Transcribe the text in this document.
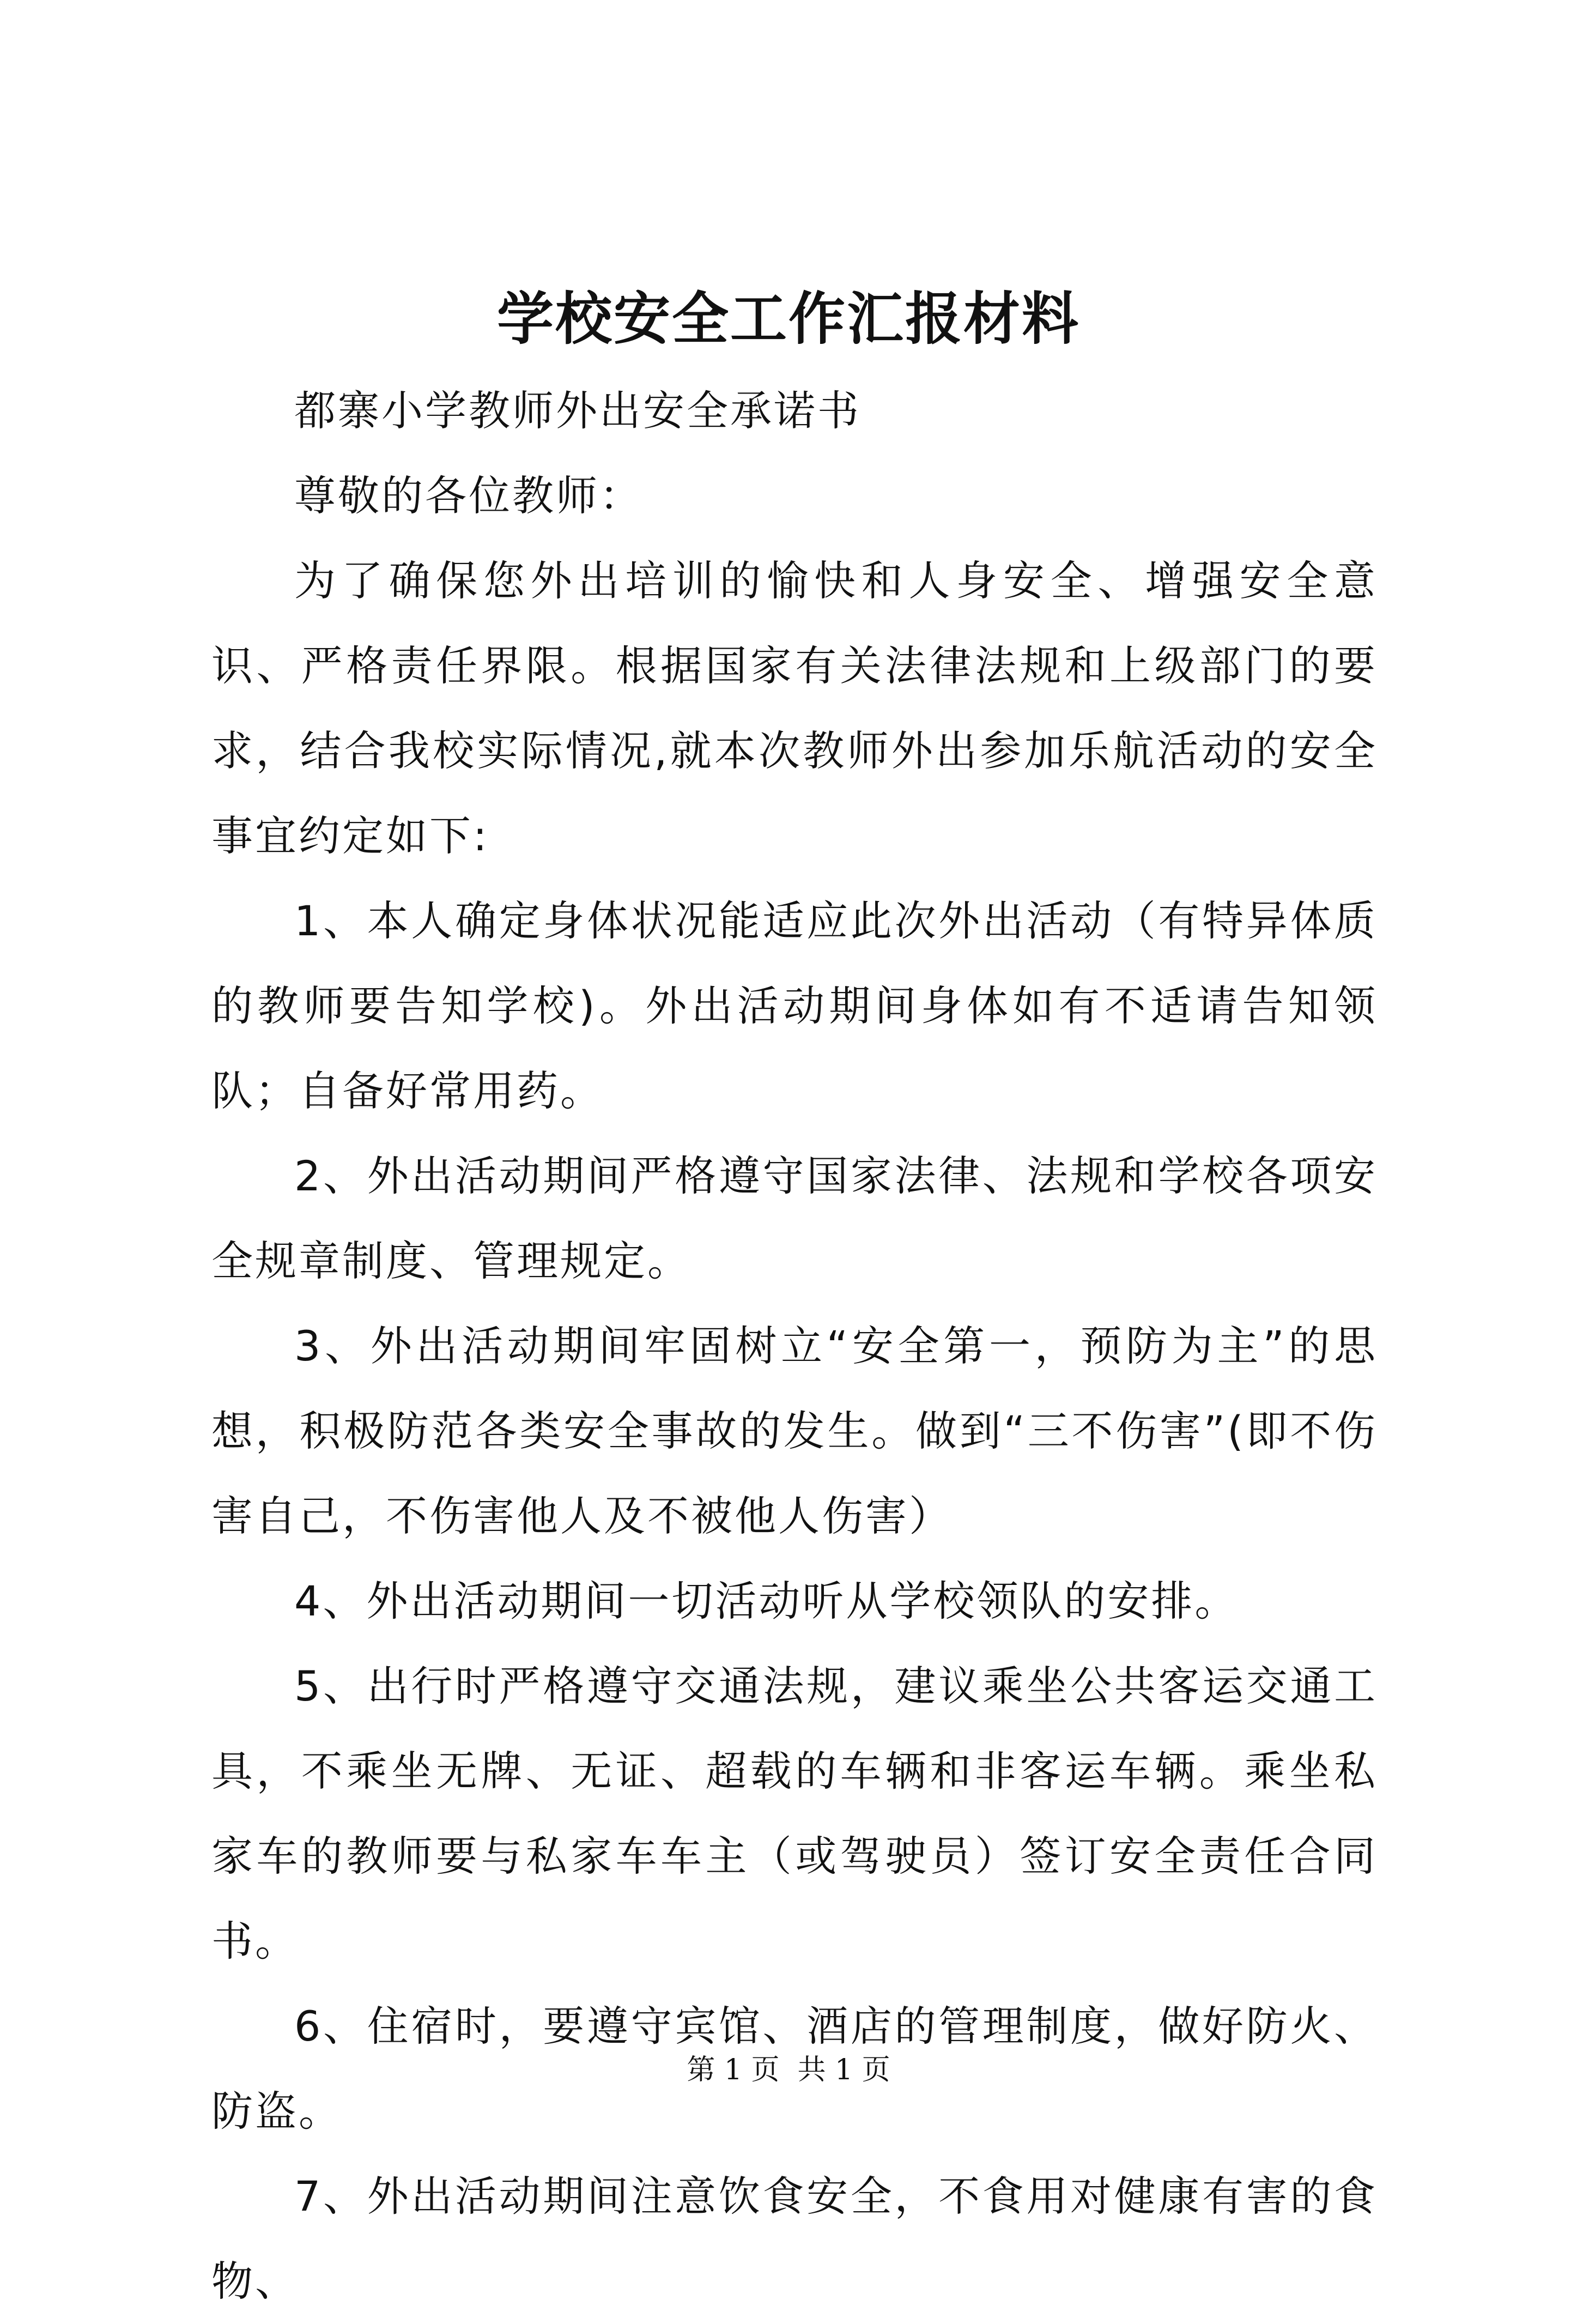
学校安全工作汇报材料

都寨小学教师外出安全承诺书

尊敬的各位教师：

为了确保您外出培训的愉快和人身安全、增强安全意识、严格责任界限。根据国家有关法律法规和上级部门的要求，结合我校实际情况,就本次教师外出参加乐航活动的安全事宜约定如下:

1、本人确定身体状况能适应此次外出活动（有特异体质的教师要告知学校)。外出活动期间身体如有不适请告知领队；自备好常用药。

2、外出活动期间严格遵守国家法律、法规和学校各项安全规章制度、管理规定。

3、外出活动期间牢固树立“安全第一，预防为主”的思想，积极防范各类安全事故的发生。做到“三不伤害”(即不伤害自己，不伤害他人及不被他人伤害）

4、外出活动期间一切活动听从学校领队的安排。

5、出行时严格遵守交通法规，建议乘坐公共客运交通工具，不乘坐无牌、无证、超载的车辆和非客运车辆。乘坐私家车的教师要与私家车车主（或驾驶员）签订安全责任合同书。

6、住宿时，要遵守宾馆、酒店的管理制度，做好防火、防盗。

7、外出活动期间注意饮食安全，不食用对健康有害的食物、

第 1 页  共 1 页
